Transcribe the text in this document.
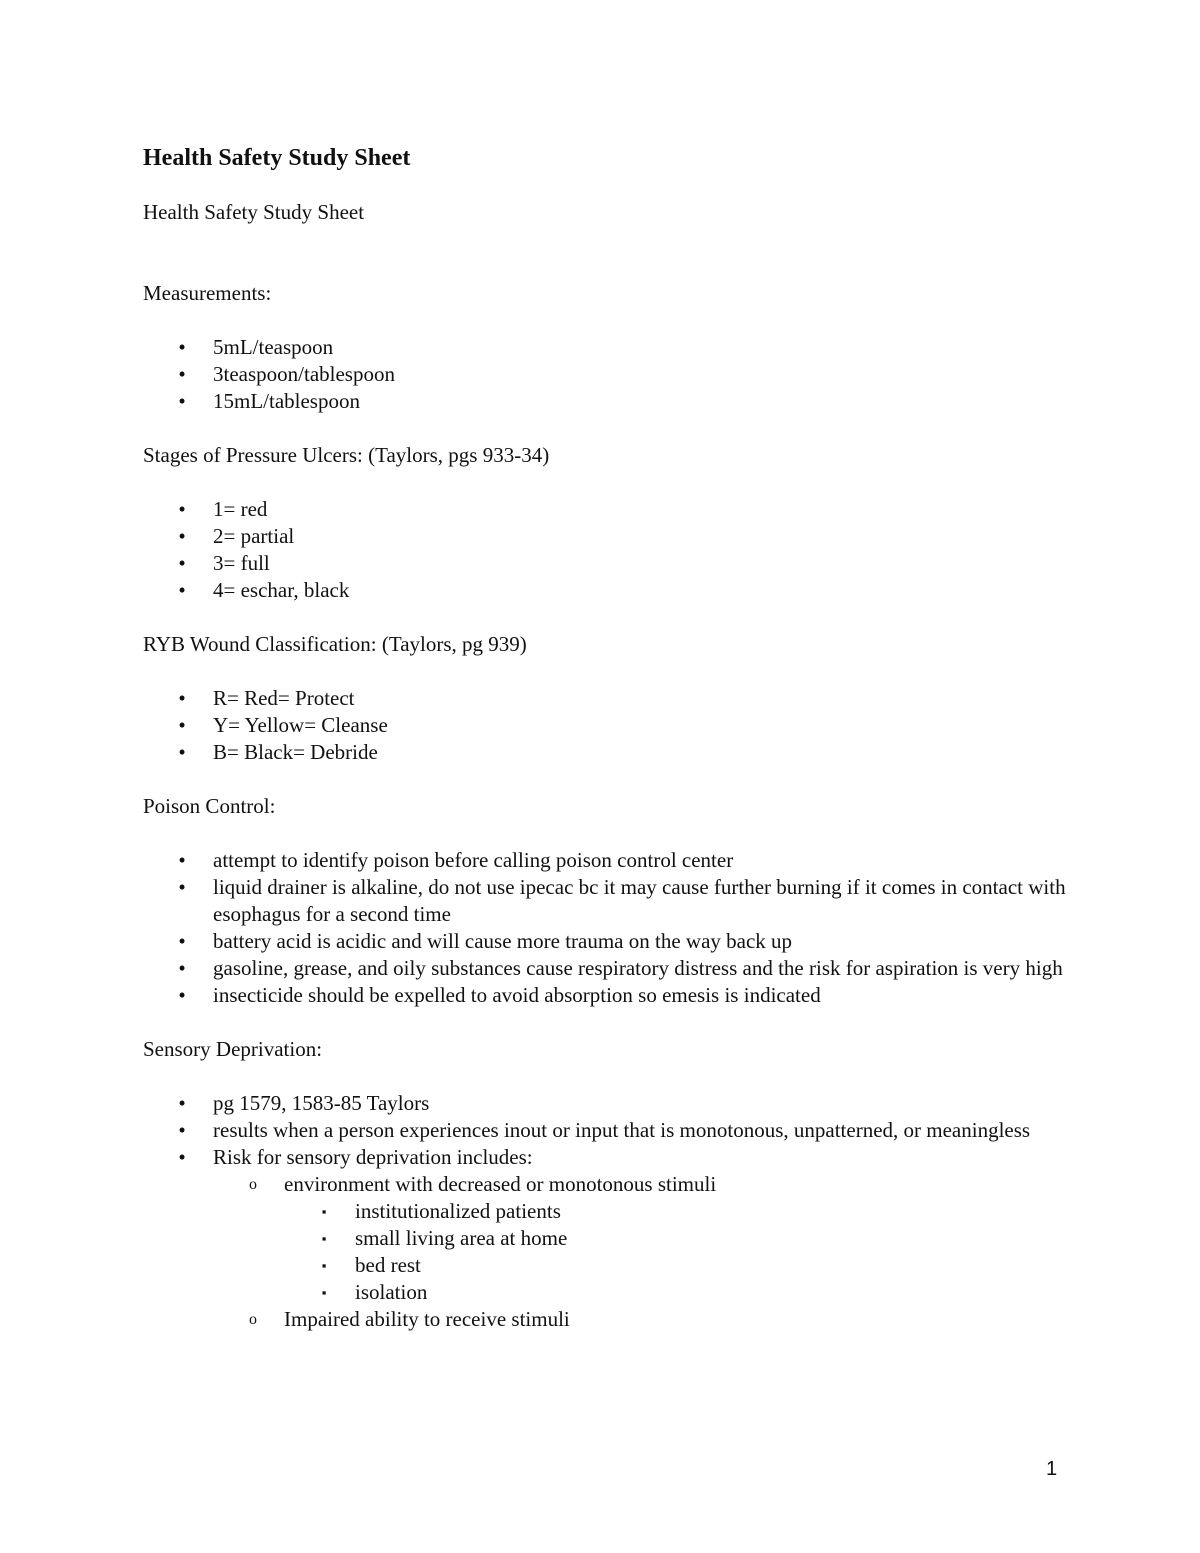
Health Safety Study Sheet

Health Safety Study Sheet

Measurements:

• 5mL/teaspoon
• 3teaspoon/tablespoon
• 15mL/tablespoon

Stages of Pressure Ulcers: (Taylors, pgs 933-34)

• 1= red
• 2= partial
• 3= full
• 4= eschar, black

RYB Wound Classification: (Taylors, pg 939)

• R= Red= Protect
• Y= Yellow= Cleanse
• B= Black= Debride

Poison Control:

• attempt to identify poison before calling poison control center
• liquid drainer is alkaline, do not use ipecac bc it may cause further burning if it comes in contact with esophagus for a second time
• battery acid is acidic and will cause more trauma on the way back up
• gasoline, grease, and oily substances cause respiratory distress and the risk for aspiration is very high
• insecticide should be expelled to avoid absorption so emesis is indicated

Sensory Deprivation:

• pg 1579, 1583-85 Taylors
• results when a person experiences inout or input that is monotonous, unpatterned, or meaningless
• Risk for sensory deprivation includes:
o environment with decreased or monotonous stimuli
▪ institutionalized patients
▪ small living area at home
▪ bed rest
▪ isolation
o Impaired ability to receive stimuli
1
